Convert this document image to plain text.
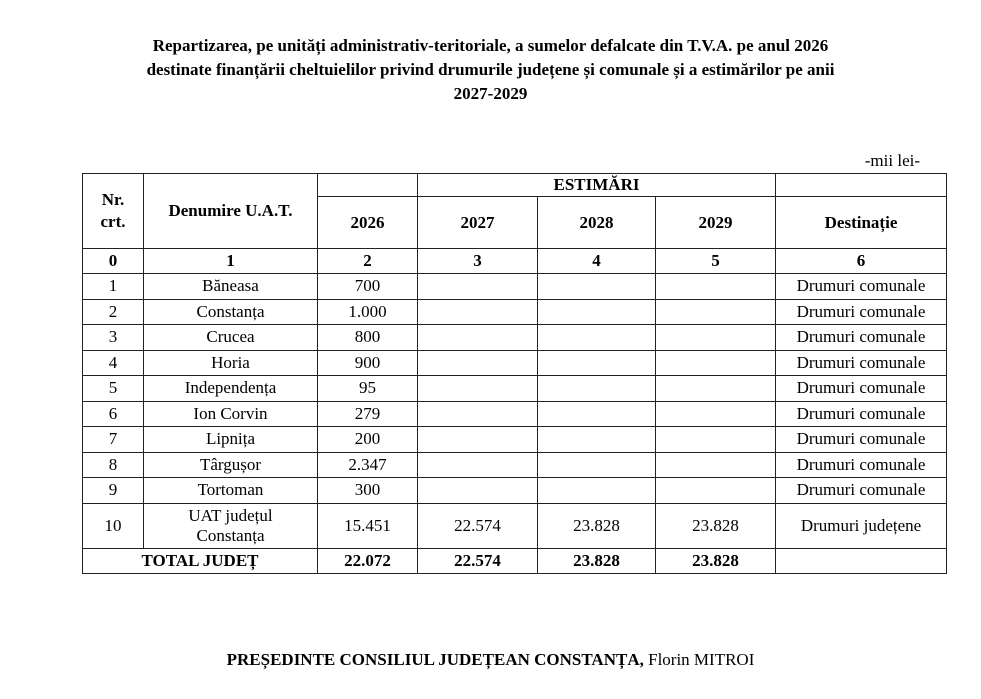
Repartizarea, pe unități administrativ-teritoriale, a sumelor defalcate din T.V.A. pe anul 2026
destinate finanțării cheltuielilor privind drumurile județene și comunale și a estimărilor pe anii
2027-2029
-mii lei-
Nr.
crt.	Denumire U.A.T.		ESTIMĂRI			
		2026	2027	2028	2029	Destinație
0	1	2	3	4	5	6
1	Băneasa	700				Drumuri comunale
2	Constanța	1.000				Drumuri comunale
3	Crucea	800				Drumuri comunale
4	Horia	900				Drumuri comunale
5	Independența	95				Drumuri comunale
6	Ion Corvin	279				Drumuri comunale
7	Lipnița	200				Drumuri comunale
8	Târgușor	2.347				Drumuri comunale
9	Tortoman	300				Drumuri comunale
10	UAT județul
Constanța	15.451	22.574	23.828	23.828	Drumuri județene
TOTAL JUDEȚ		22.072	22.574	23.828	23.828	
PREȘEDINTE CONSILIUL JUDEȚEAN CONSTANȚA, Florin MITROI
